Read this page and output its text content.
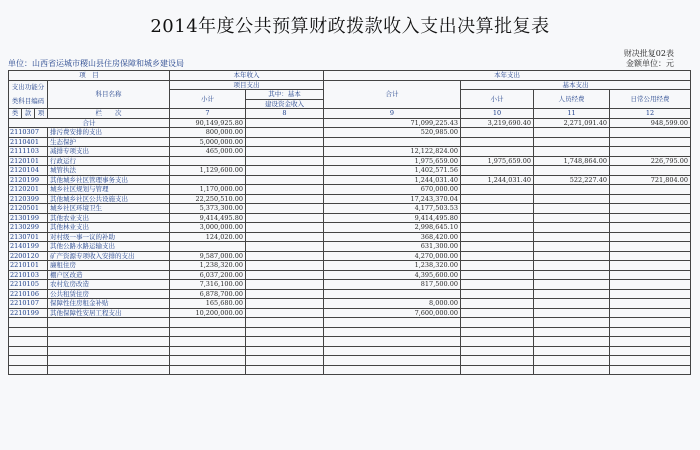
2014年度公共预算财政拨款收入支出决算批复表
财决批复02表
单位：山西省运城市稷山县住房保障和城乡建设局	金额单位：元
项　目				本年收入		本年支出			

支出功能分
类科目编码			科目名称	项目支出		合计	基本支出		
				小计	其中：基本		小计	人员经费	日常公用经费
					建设资金收入				
类	款	项	栏　　次	7	8	9	10	11	12
合计				90,149,925.80		71,099,225.43	3,219,690.40	2,271,091.40	948,599.00
2110307			排污费安排的支出	800,000.00		520,985.00			
2110401			生态保护	5,000,000.00					
2111103			减排专项支出	465,000.00		12,122,824.00			
2120101			行政运行			1,975,659.00	1,975,659.00	1,748,864.00	226,795.00
2120104			城管执法	1,129,600.00		1,402,571.56			
2120199			其他城乡社区管理事务支出			1,244,031.40	1,244,031.40	522,227.40	721,804.00
2120201			城乡社区规划与管理	1,170,000.00		670,000.00			
2120399			其他城乡社区公共设施支出	22,250,510.00		17,243,370.04			
2120501			城乡社区环境卫生	5,373,300.00		4,177,503.53			
2130199			其他农业支出	9,414,495.80		9,414,495.80			
2130299			其他林业支出	3,000,000.00		2,998,645.10			
2130701			对村级一事一议的补助	124,020.00		368,420.00			
2140199			其他公路水路运输支出			631,300.00			
2200120			矿产资源专项收入安排的支出	9,587,000.00		4,270,000.00			
2210101			廉租住房	1,238,320.00		1,238,320.00			
2210103			棚户区改造	6,037,200.00		4,395,600.00			
2210105			农村危房改造	7,316,100.00		817,500.00			
2210106			公共租赁住房	6,878,700.00					
2210107			保障性住房租金补贴	165,680.00		8,000.00			
2210199			其他保障性安居工程支出	10,200,000.00		7,600,000.00			
